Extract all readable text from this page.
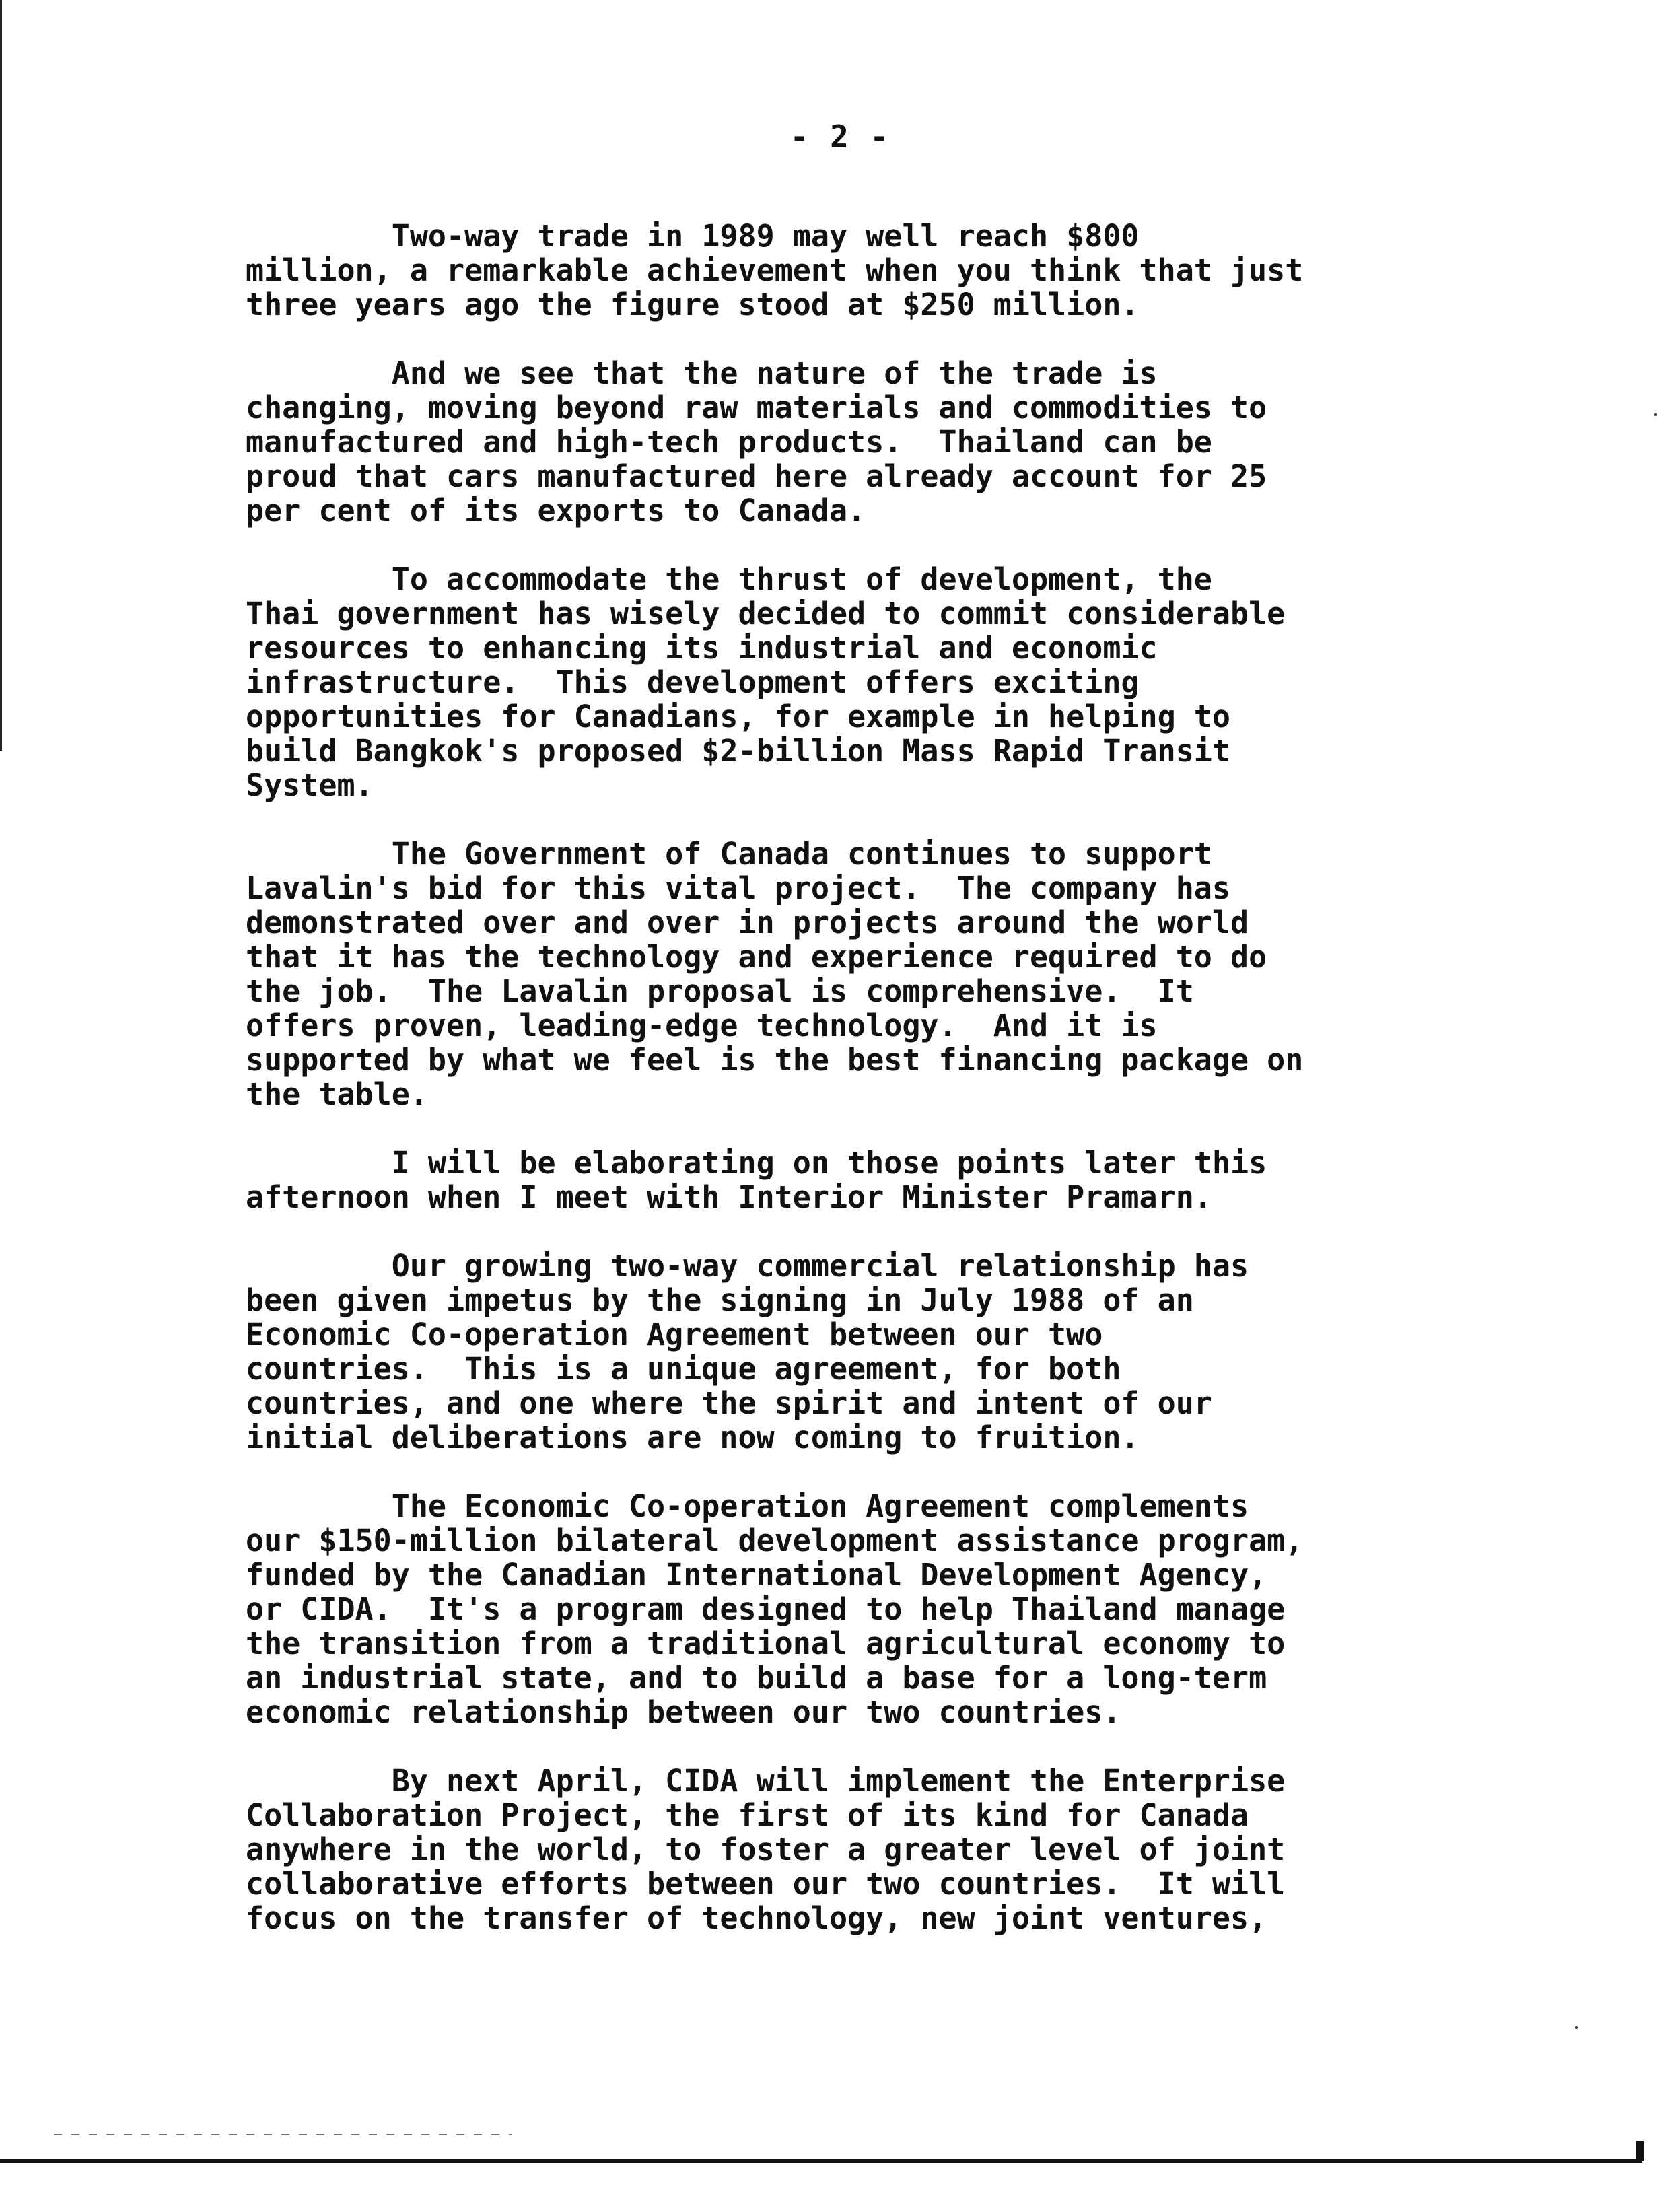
- 2 -
Two-way trade in 1989 may well reach $800
million, a remarkable achievement when you think that just
three years ago the figure stood at $250 million.
And we see that the nature of the trade is
changing, moving beyond raw materials and commodities to
manufactured and high-tech products.  Thailand can be
proud that cars manufactured here already account for 25
per cent of its exports to Canada.
To accommodate the thrust of development, the
Thai government has wisely decided to commit considerable
resources to enhancing its industrial and economic
infrastructure.  This development offers exciting
opportunities for Canadians, for example in helping to
build Bangkok's proposed $2-billion Mass Rapid Transit
System.
The Government of Canada continues to support
Lavalin's bid for this vital project.  The company has
demonstrated over and over in projects around the world
that it has the technology and experience required to do
the job.  The Lavalin proposal is comprehensive.  It
offers proven, leading-edge technology.  And it is
supported by what we feel is the best financing package on
the table.
I will be elaborating on those points later this
afternoon when I meet with Interior Minister Pramarn.
Our growing two-way commercial relationship has
been given impetus by the signing in July 1988 of an
Economic Co-operation Agreement between our two
countries.  This is a unique agreement, for both
countries, and one where the spirit and intent of our
initial deliberations are now coming to fruition.
The Economic Co-operation Agreement complements
our $150-million bilateral development assistance program,
funded by the Canadian International Development Agency,
or CIDA.  It's a program designed to help Thailand manage
the transition from a traditional agricultural economy to
an industrial state, and to build a base for a long-term
economic relationship between our two countries.
By next April, CIDA will implement the Enterprise
Collaboration Project, the first of its kind for Canada
anywhere in the world, to foster a greater level of joint
collaborative efforts between our two countries.  It will
focus on the transfer of technology, new joint ventures,
